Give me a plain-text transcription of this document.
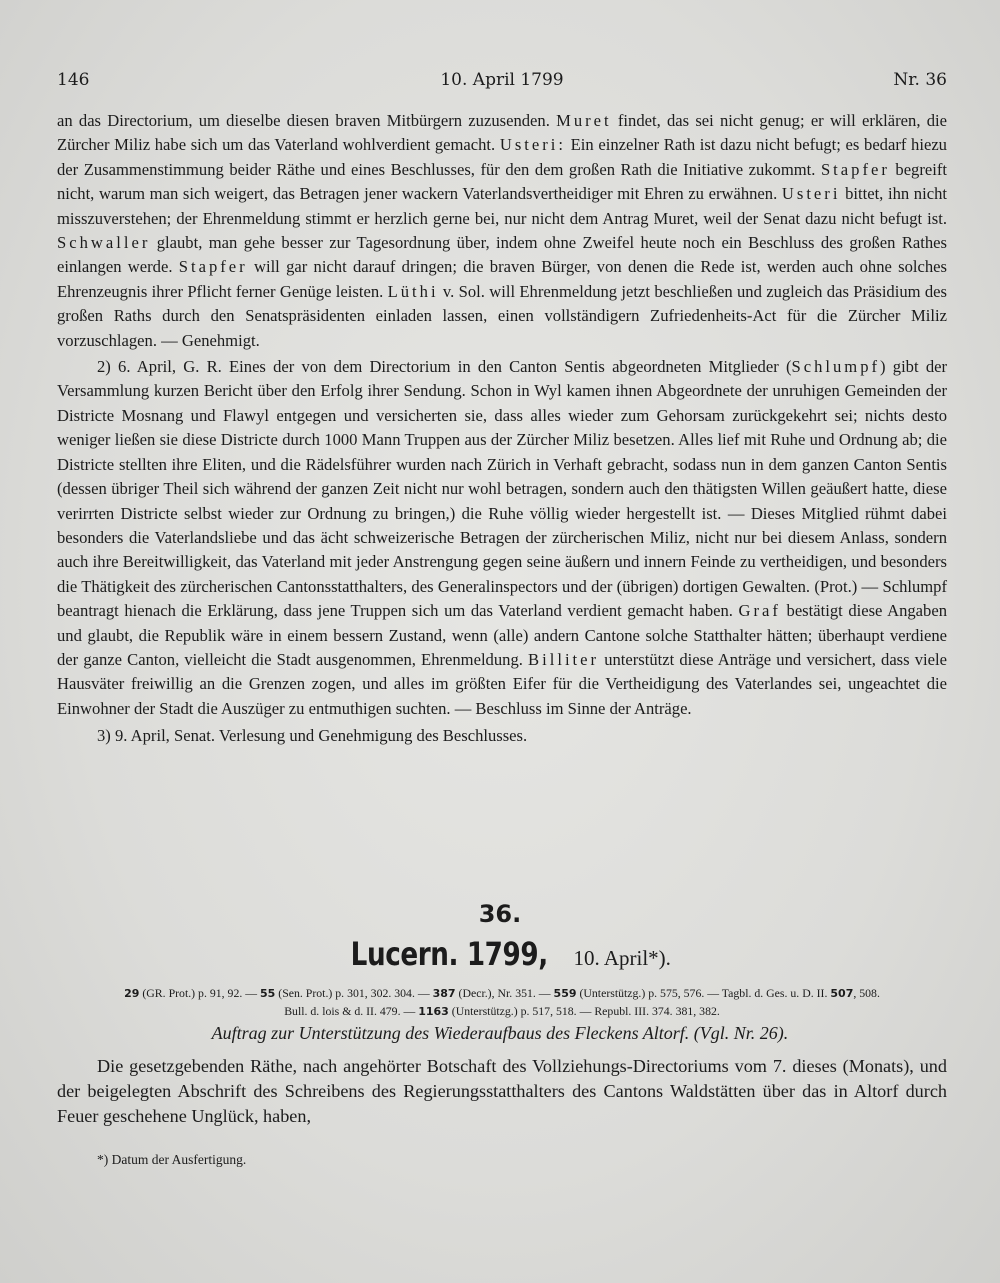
146	10. April 1799	Nr. 36

an das Directorium, um dieselbe diesen braven Mitbürgern zuzusenden. Muret findet, das sei nicht genug; er will erklären, die Zürcher Miliz habe sich um das Vaterland wohlverdient gemacht. Usteri: Ein einzelner Rath ist dazu nicht befugt; es bedarf hiezu der Zusammenstimmung beider Räthe und eines Beschlusses, für den dem großen Rath die Initiative zukommt. Stapfer begreift nicht, warum man sich weigert, das Betragen jener wackern Vaterlandsvertheidiger mit Ehren zu erwähnen. Usteri bittet, ihn nicht misszuverstehen; der Ehrenmeldung stimmt er herzlich gerne bei, nur nicht dem Antrag Muret, weil der Senat dazu nicht befugt ist. Schwaller glaubt, man gehe besser zur Tagesordnung über, indem ohne Zweifel heute noch ein Beschluss des großen Rathes einlangen werde. Stapfer will gar nicht darauf dringen; die braven Bürger, von denen die Rede ist, werden auch ohne solches Ehrenzeugnis ihrer Pflicht ferner Genüge leisten. Lüthi v. Sol. will Ehrenmeldung jetzt beschließen und zugleich das Präsidium des großen Raths durch den Senatspräsidenten einladen lassen, einen vollständigern Zufriedenheits-Act für die Zürcher Miliz vorzuschlagen. — Genehmigt.

2) 6. April, G. R. Eines der von dem Directorium in den Canton Sentis abgeordneten Mitglieder (Schlumpf) gibt der Versammlung kurzen Bericht über den Erfolg ihrer Sendung. Schon in Wyl kamen ihnen Abgeordnete der unruhigen Gemeinden der Districte Mosnang und Flawyl entgegen und versicherten sie, dass alles wieder zum Gehorsam zurückgekehrt sei; nichts desto weniger ließen sie diese Districte durch 1000 Mann Truppen aus der Zürcher Miliz besetzen. Alles lief mit Ruhe und Ordnung ab; die Districte stellten ihre Eliten, und die Rädelsführer wurden nach Zürich in Verhaft gebracht, sodass nun in dem ganzen Canton Sentis (dessen übriger Theil sich während der ganzen Zeit nicht nur wohl betragen, sondern auch den thätigsten Willen geäußert hatte, diese verirrten Districte selbst wieder zur Ordnung zu bringen,) die Ruhe völlig wieder hergestellt ist. — Dieses Mitglied rühmt dabei besonders die Vaterlandsliebe und das ächt schweizerische Betragen der zürcherischen Miliz, nicht nur bei diesem Anlass, sondern auch ihre Bereitwilligkeit, das Vaterland mit jeder Anstrengung gegen seine äußern und innern Feinde zu vertheidigen, und besonders die Thätigkeit des zürcherischen Cantonsstatthalters, des Generalinspectors und der (übrigen) dortigen Gewalten. (Prot.) — Schlumpf beantragt hienach die Erklärung, dass jene Truppen sich um das Vaterland verdient gemacht haben. Graf bestätigt diese Angaben und glaubt, die Republik wäre in einem bessern Zustand, wenn (alle) andern Cantone solche Statthalter hätten; überhaupt verdiene der ganze Canton, vielleicht die Stadt ausgenommen, Ehrenmeldung. Billiter unterstützt diese Anträge und versichert, dass viele Hausväter freiwillig an die Grenzen zogen, und alles im größten Eifer für die Vertheidigung des Vaterlandes sei, ungeachtet die Einwohner der Stadt die Auszüger zu entmuthigen suchten. — Beschluss im Sinne der Anträge.

3) 9. April, Senat. Verlesung und Genehmigung des Beschlusses.

36.
Lucern. 1799, 10. April*).
29 (GR. Prot.) p. 91, 92. — 55 (Sen. Prot.) p. 301, 302. 304. — 387 (Decr.), Nr. 351. — 559 (Unterstützg.) p. 575, 576. — Tagbl. d. Ges. u. D. II. 507, 508.
Bull. d. lois & d. II. 479. — 1163 (Unterstützg.) p. 517, 518. — Republ. III. 374. 381, 382.
Auftrag zur Unterstützung des Wiederaufbaus des Fleckens Altorf. (Vgl. Nr. 26).

Die gesetzgebenden Räthe, nach angehörter Botschaft des Vollziehungs-Directoriums vom 7. dieses (Monats), und der beigelegten Abschrift des Schreibens des Regierungsstatthalters des Cantons Waldstätten über das in Altorf durch Feuer geschehene Unglück, haben,

*) Datum der Ausfertigung.
